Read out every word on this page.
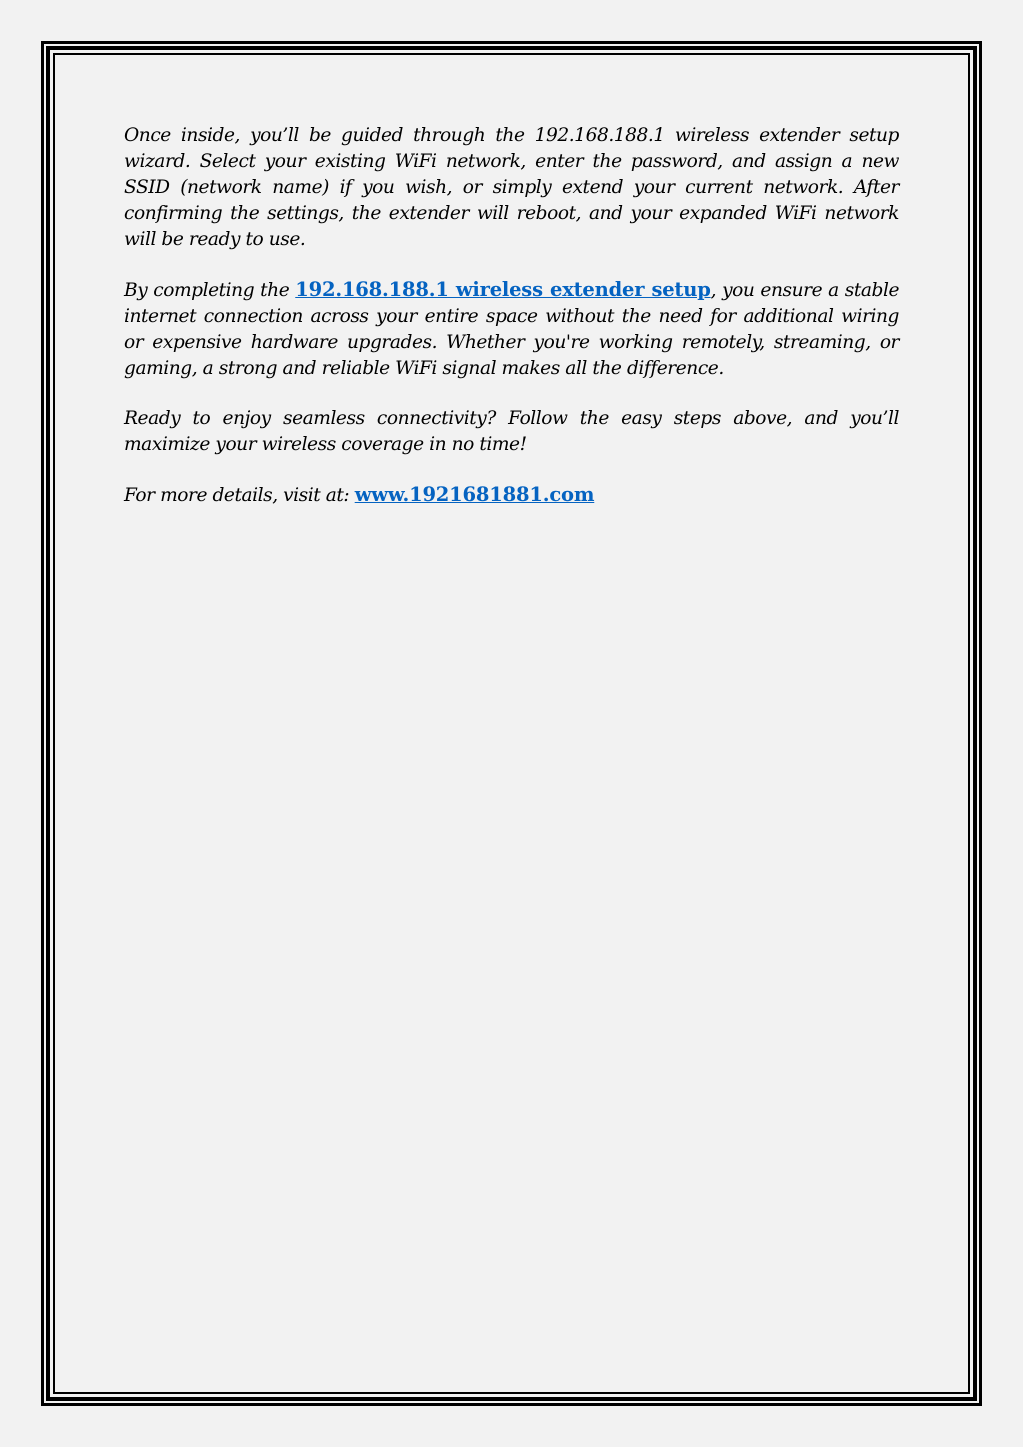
Once inside, you’ll be guided through the 192.168.188.1 wireless extender setup wizard. Select your existing WiFi network, enter the password, and assign a new SSID (network name) if you wish, or simply extend your current network. After confirming the settings, the extender will reboot, and your expanded WiFi network will be ready to use.

By completing the 192.168.188.1 wireless extender setup, you ensure a stable internet connection across your entire space without the need for additional wiring or expensive hardware upgrades. Whether you're working remotely, streaming, or gaming, a strong and reliable WiFi signal makes all the difference.

Ready to enjoy seamless connectivity? Follow the easy steps above, and you’ll maximize your wireless coverage in no time!

For more details, visit at: www.1921681881.com
